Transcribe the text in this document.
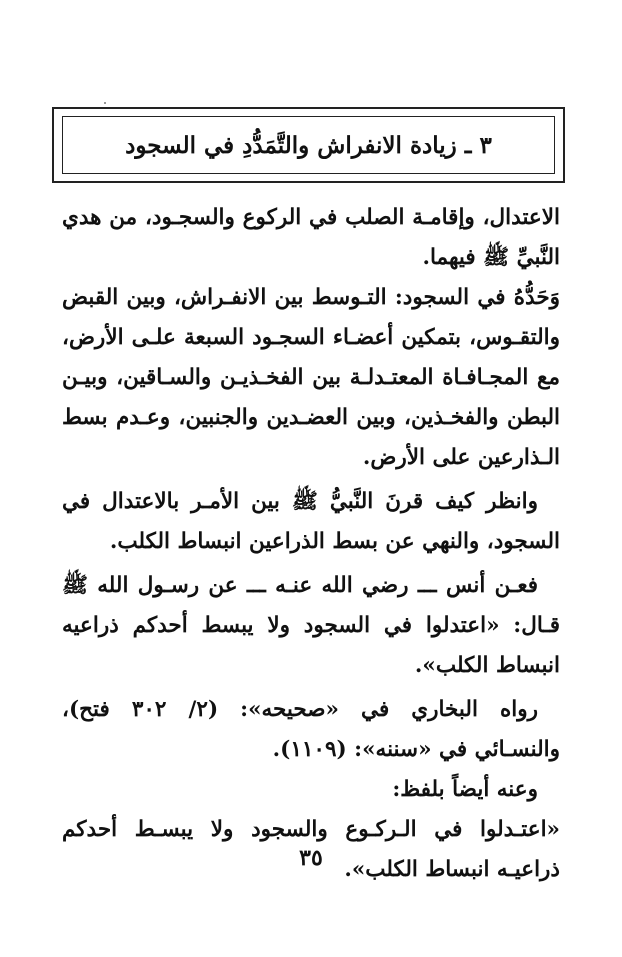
٣ ـ زيادة الانفراش والتَّمَدُّدِ في السجود

الاعتدال، وإقامـة الصلب في الركوع والسجـود، من هدي النَّبيِّ ﷺ فيهما.

وَحَدُّهُ في السجود: التـوسط بين الانفـراش، وبين القبض والتقـوس، بتمكين أعضـاء السجـود السبعة علـى الأرض، مع المجـافـاة المعتـدلـة بين الفخـذيـن والسـاقين، وبيـن البطن والفخـذين، وبين العضـدين والجنبين، وعـدم بسط الـذارعين على الأرض.

وانظر كيف قرنَ النَّبيُّ ﷺ بين الأمـر بالاعتدال في السجود، والنهي عن بسط الذراعين انبساط الكلب.

فعـن أنس ـــ رضي الله عنـه ـــ عن رسـول الله ﷺ قـال: «اعتدلوا في السجود ولا يبسط أحدكم ذراعيه انبساط الكلب».

رواه البخاري في «صحيحه»: (٢/ ٣٠٢ فتح)، والنسـائي في «سننه»: (١١٠٩).

وعنه أيضاً بلفظ:

«اعتـدلوا في الـركـوع والسجود ولا يبسـط أحدكم ذراعيـه انبساط الكلب».

٣٥
